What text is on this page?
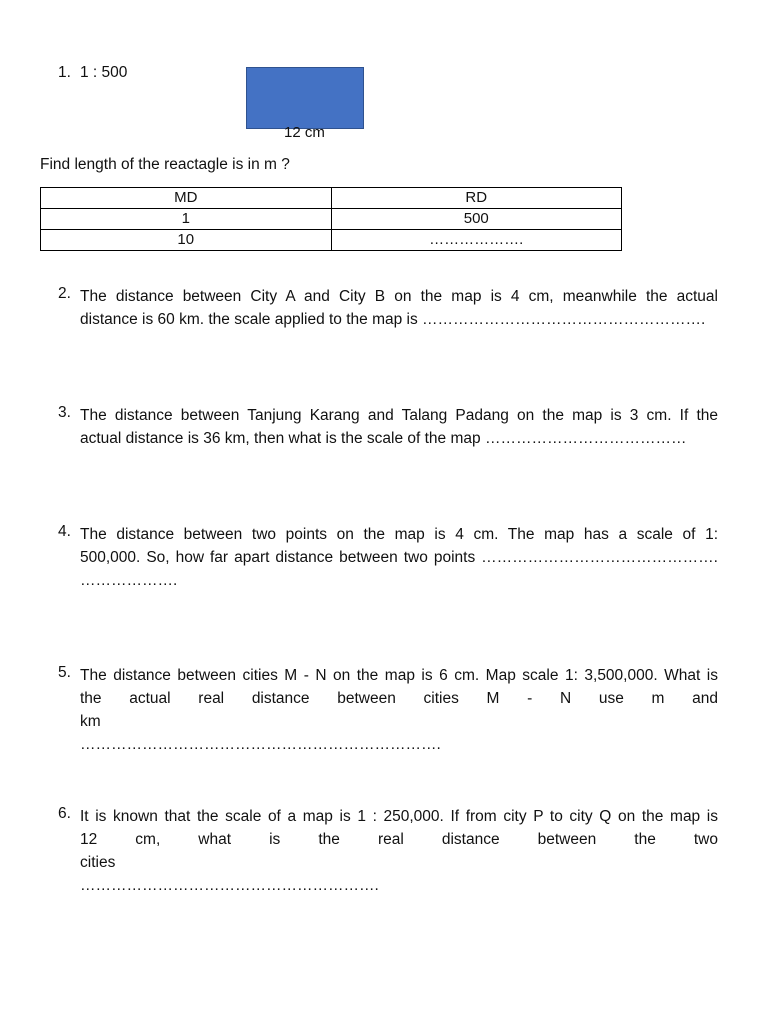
1. 1 : 500
12 cm
Find length of the reactagle is in m ?
MD	RD
1	500
10	……………….
2. The distance between City A and City B on the map is 4 cm, meanwhile the actual
distance is 60 km. the scale applied to the map is ……………………………………………….
3. The distance between Tanjung Karang and Talang Padang on the map is 3 cm. If the
actual distance is 36 km, then what is the scale of the map …………………………………
4. The distance between two points on the map is 4 cm. The map has a scale of 1:
500,000. So, how far apart distance between two points ……………………………………….
……………….
5. The distance between cities M - N on the map is 6 cm. Map scale 1: 3,500,000. What is
the actual real distance between cities M - N use m and km
…………………………………………………………….
6. It is known that the scale of a map is 1 : 250,000. If from city P to city Q on the map is
12 cm, what is the real distance between the two cities
………………………………………………….
